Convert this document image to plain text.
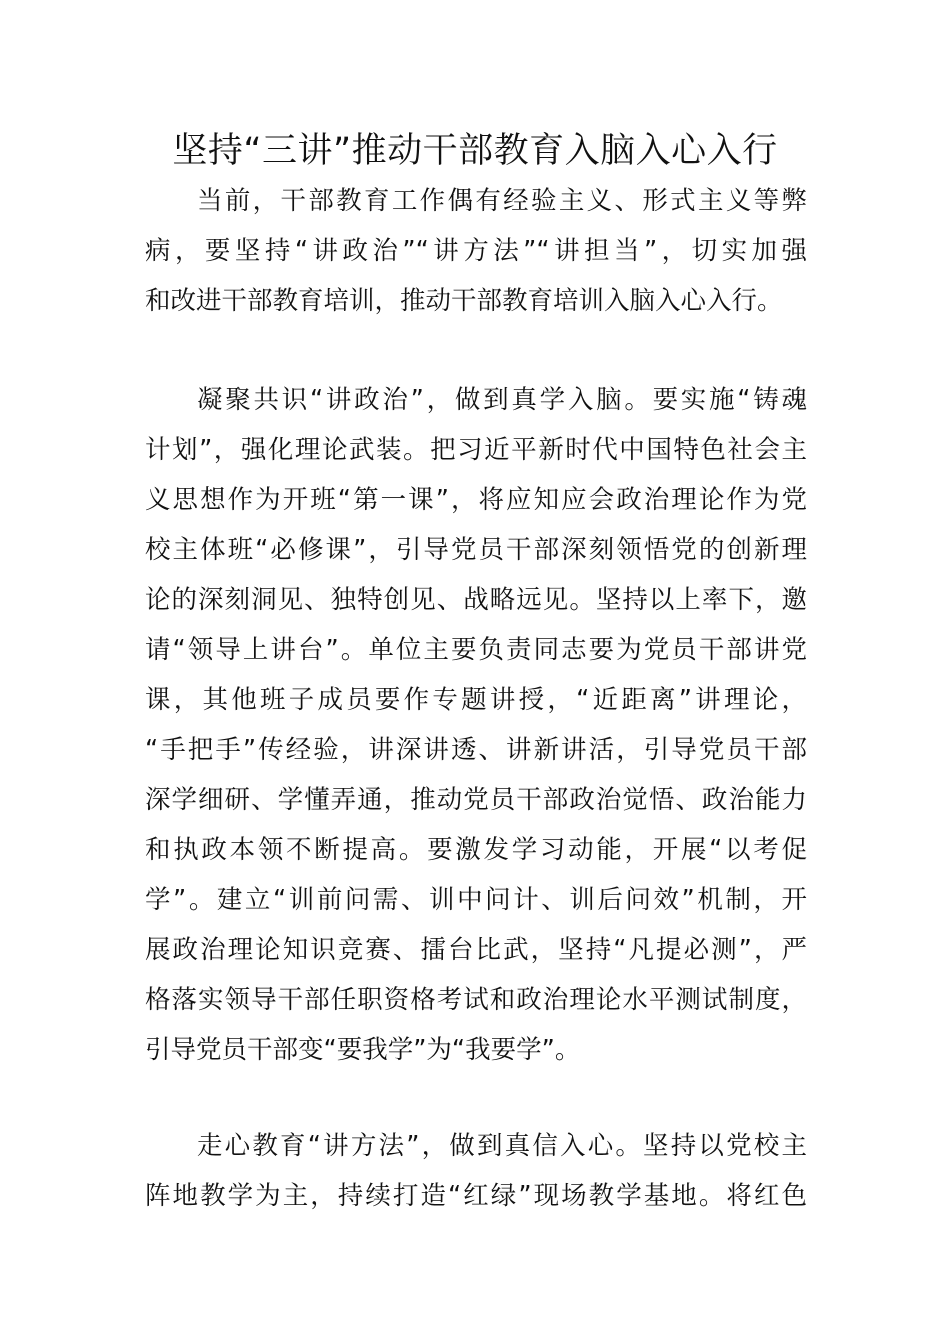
坚持“三讲”推动干部教育入脑入心入行
当前，干部教育工作偶有经验主义、形式主义等弊
病，要坚持“讲政治”“讲方法”“讲担当”，切实加强
和改进干部教育培训，推动干部教育培训入脑入心入行。
凝聚共识“讲政治”，做到真学入脑。要实施“铸魂
计划”，强化理论武装。把习近平新时代中国特色社会主
义思想作为开班“第一课”，将应知应会政治理论作为党
校主体班“必修课”，引导党员干部深刻领悟党的创新理
论的深刻洞见、独特创见、战略远见。坚持以上率下，邀
请“领导上讲台”。单位主要负责同志要为党员干部讲党
课，其他班子成员要作专题讲授，“近距离”讲理论，
“手把手”传经验，讲深讲透、讲新讲活，引导党员干部
深学细研、学懂弄通，推动党员干部政治觉悟、政治能力
和执政本领不断提高。要激发学习动能，开展“以考促
学”。建立“训前问需、训中问计、训后问效”机制，开
展政治理论知识竞赛、擂台比武，坚持“凡提必测”，严
格落实领导干部任职资格考试和政治理论水平测试制度，
引导党员干部变“要我学”为“我要学”。
走心教育“讲方法”，做到真信入心。坚持以党校主
阵地教学为主，持续打造“红绿”现场教学基地。将红色
